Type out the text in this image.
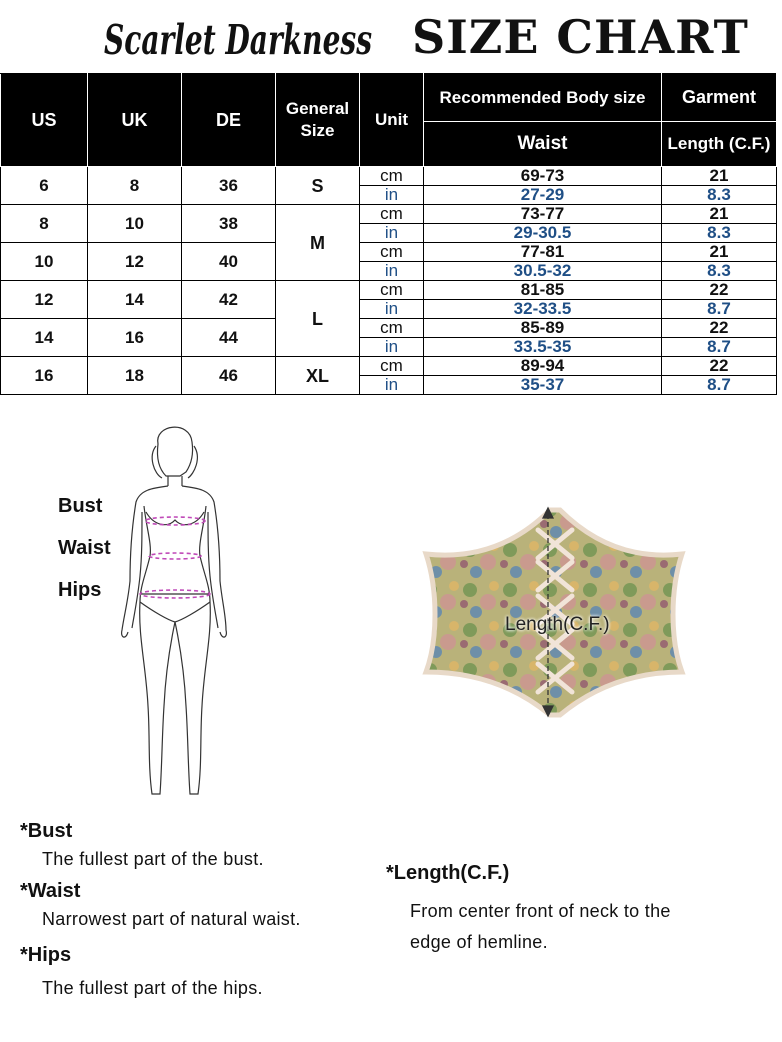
Scarlet Darkness SIZE CHART
US	UK	DE	General Size	Unit	Recommended Body size	Garment
					Waist	Length (C.F.)
6	8	36	S	cm	69-73	21
				in	27-29	8.3
8	10	38	M	cm	73-77	21
				in	29-30.5	8.3
10	12	40		cm	77-81	21
				in	30.5-32	8.3
12	14	42	L	cm	81-85	22
				in	32-33.5	8.7
14	16	44		cm	85-89	22
				in	33.5-35	8.7
16	18	46	XL	cm	89-94	22
				in	35-37	8.7
Bust
Waist
Hips
Length(C.F.)
*Bust
The fullest part of the bust.
*Waist
Narrowest part of natural waist.
*Hips
The fullest part of the hips.
*Length(C.F.)
From center front of neck to the
edge of hemline.
